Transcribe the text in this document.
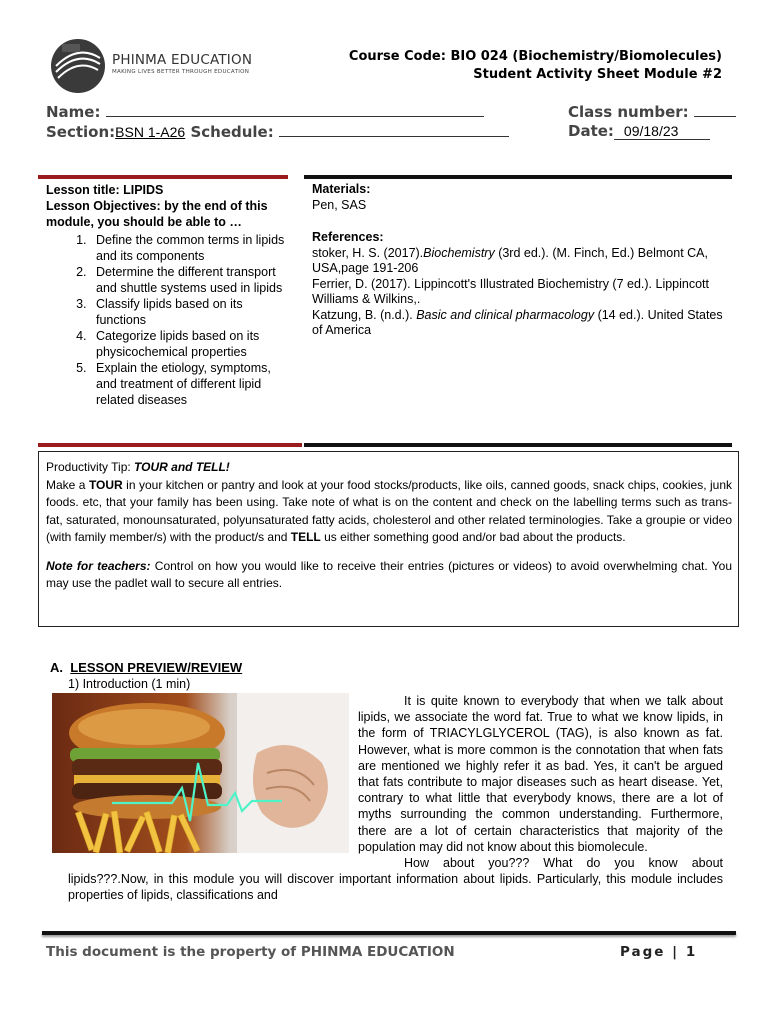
PHINMA EDUCATION
MAKING LIVES BETTER THROUGH EDUCATION
Course Code: BIO 024 (Biochemistry/Biomolecules)
Student Activity Sheet Module #2
Name:	Class number:
Section:BSN 1-A26 Schedule:	Date: 09/18/23
Lesson title: LIPIDS
Lesson Objectives: by the end of this module, you should be able to …
1. Define the common terms in lipids and its components
2. Determine the different transport and shuttle systems used in lipids
3. Classify lipids based on its functions
4. Categorize lipids based on its physicochemical properties
5. Explain the etiology, symptoms, and treatment of different lipid related diseases
Materials:
Pen, SAS
References:
stoker, H. S. (2017).Biochemistry (3rd ed.). (M. Finch, Ed.) Belmont CA, USA,page 191-206
Ferrier, D. (2017). Lippincott's Illustrated Biochemistry (7 ed.). Lippincott Williams & Wilkins,.
Katzung, B. (n.d.). Basic and clinical pharmacology (14 ed.). United States of America

Productivity Tip: TOUR and TELL!

Make a TOUR in your kitchen or pantry and look at your food stocks/products, like oils, canned goods, snack chips, cookies, junk foods. etc, that your family has been using. Take note of what is on the content and check on the labelling terms such as trans-fat, saturated, monounsaturated, polyunsaturated fatty acids, cholesterol and other related terminologies. Take a groupie or video (with family member/s) with the product/s and TELL us either something good and/or bad about the products.

Note for teachers: Control on how you would like to receive their entries (pictures or videos) to avoid overwhelming chat. You may use the padlet wall to secure all entries.

A. LESSON PREVIEW/REVIEW
1) Introduction (1 min)

It is quite known to everybody that when we talk about lipids, we associate the word fat. True to what we know lipids, in the form of TRIACYLGLYCEROL (TAG), is also known as fat. However, what is more common is the connotation that when fats are mentioned we highly refer it as bad. Yes, it can't be argued that fats contribute to major diseases such as heart disease. Yet, contrary to what little that everybody knows, there are a lot of myths surrounding the common understanding. Furthermore, there are a lot of certain characteristics that majority of the population may did not know about this biomolecule.

How about you??? What do you know about lipids???.Now, in this module you will discover important information about lipids. Particularly, this module includes properties of lipids, classifications and

This document is the property of PHINMA EDUCATION	Page | 1
